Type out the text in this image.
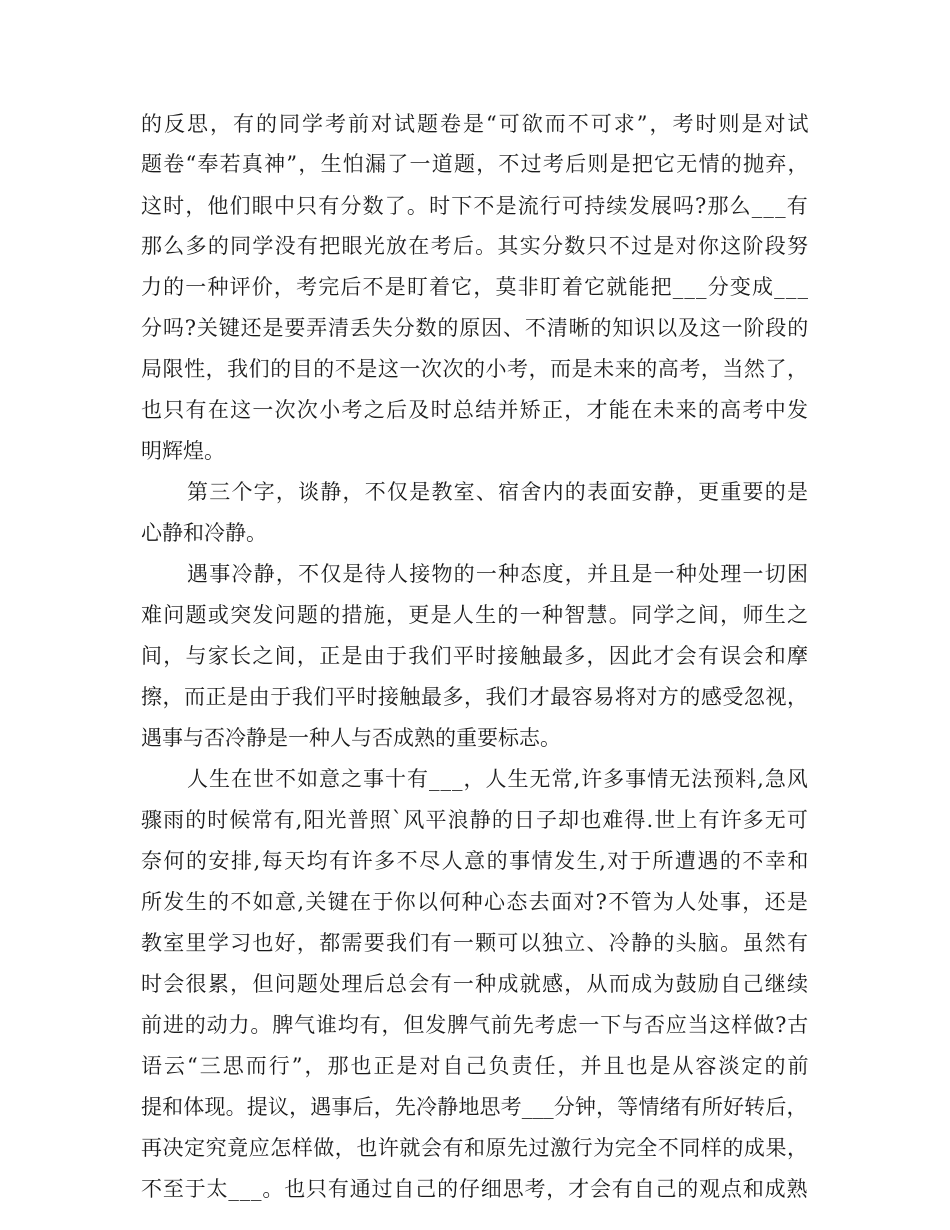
的反思，有的同学考前对试题卷是“可欲而不可求”，考时则是对试
题卷“奉若真神”，生怕漏了一道题，不过考后则是把它无情的抛弃，
这时，他们眼中只有分数了。时下不是流行可持续发展吗?那么___有
那么多的同学没有把眼光放在考后。其实分数只不过是对你这阶段努
力的一种评价，考完后不是盯着它，莫非盯着它就能把___分变成___
分吗?关键还是要弄清丢失分数的原因、不清晰的知识以及这一阶段的
局限性，我们的目的不是这一次次的小考，而是未来的高考，当然了，
也只有在这一次次小考之后及时总结并矫正，才能在未来的高考中发
明辉煌。
第三个字，谈静，不仅是教室、宿舍内的表面安静，更重要的是
心静和冷静。
遇事冷静，不仅是待人接物的一种态度，并且是一种处理一切困
难问题或突发问题的措施，更是人生的一种智慧。同学之间，师生之
间，与家长之间，正是由于我们平时接触最多，因此才会有误会和摩
擦，而正是由于我们平时接触最多，我们才最容易将对方的感受忽视，
遇事与否冷静是一种人与否成熟的重要标志。
人生在世不如意之事十有___，人生无常,许多事情无法预料,急风
骤雨的时候常有,阳光普照`风平浪静的日子却也难得.世上有许多无可
奈何的安排,每天均有许多不尽人意的事情发生,对于所遭遇的不幸和
所发生的不如意,关键在于你以何种心态去面对?不管为人处事，还是
教室里学习也好，都需要我们有一颗可以独立、冷静的头脑。虽然有
时会很累，但问题处理后总会有一种成就感，从而成为鼓励自己继续
前进的动力。脾气谁均有，但发脾气前先考虑一下与否应当这样做?古
语云“三思而行”，那也正是对自己负责任，并且也是从容淡定的前
提和体现。提议，遇事后，先冷静地思考___分钟，等情绪有所好转后，
再决定究竟应怎样做，也许就会有和原先过激行为完全不同样的成果，
不至于太___。也只有通过自己的仔细思考，才会有自己的观点和成熟
